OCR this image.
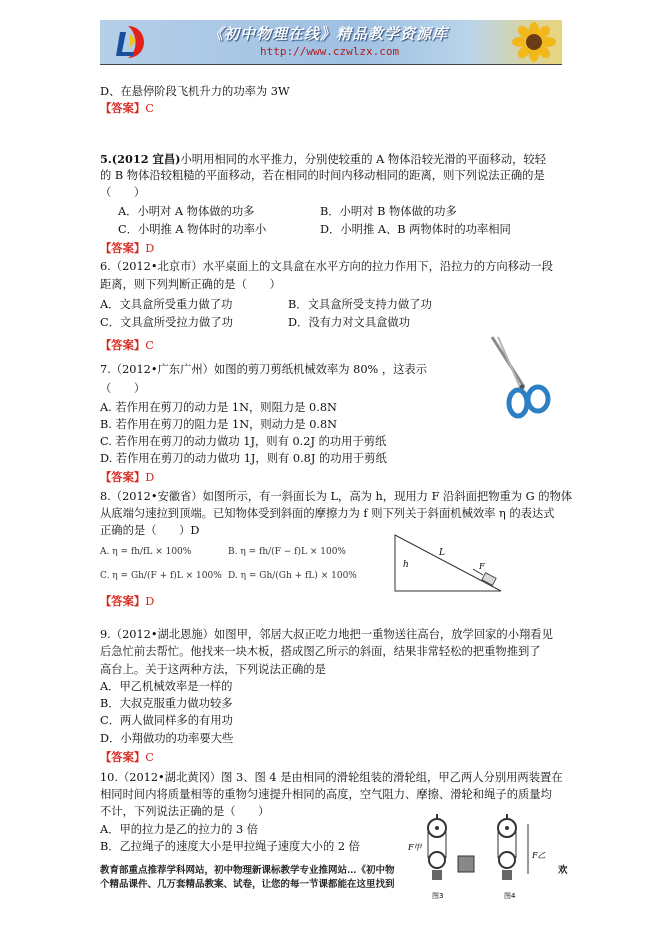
《初中物理在线》精品教学资源库
http://www.czwlzx.com
D、在悬停阶段飞机升力的功率为 3W
【答案】C
5.(2012 宜昌)小明用相同的水平推力，分别使较重的 A 物体沿较光滑的平面移动，较轻
的 B 物体沿较粗糙的平面移动，若在相同的时间内移动相同的距离，则下列说法正确的是
（　　）
A．小明对 A 物体做的功多	B．小明对 B 物体做的功多
C．小明推 A 物体时的功率小	D．小明推 A、B 两物体时的功率相同
【答案】D
6.（2012•北京市）水平桌面上的文具盒在水平方向的拉力作用下，沿拉力的方向移动一段
距离，则下列判断正确的是（　　）
A．文具盒所受重力做了功	B．文具盒所受支持力做了功
C．文具盒所受拉力做了功	D．没有力对文具盒做功
【答案】C
7.（2012•广东广州）如图的剪刀剪纸机械效率为 80% ，这表示
（　　）
A. 若作用在剪刀的动力是 1N，则阻力是 0.8N
B. 若作用在剪刀的阻力是 1N，则动力是 0.8N
C. 若作用在剪刀的动力做功 1J，则有 0.2J 的功用于剪纸
D. 若作用在剪刀的动力做功 1J，则有 0.8J 的功用于剪纸
【答案】D
8.（2012•安徽省）如图所示，有一斜面长为 L，高为 h，现用力 F 沿斜面把物重为 G 的物体
从底端匀速拉到顶端。已知物体受到斜面的摩擦力为 f 则下列关于斜面机械效率 η 的表达式
正确的是（　　）D
A. η = fh/fL × 100%	B. η = fh/(F − f)L × 100%
C. η = Gh/(F + f)L × 100% D. η = Gh/(Gh + fL) × 100%
h
L
F
【答案】D
9.（2012•湖北恩施）如图甲，邻居大叔正吃力地把一重物送往高台，放学回家的小翔看见
后急忙前去帮忙。他找来一块木板，搭成图乙所示的斜面，结果非常轻松的把重物推到了
高台上。关于这两种方法，下列说法正确的是
A．甲乙机械效率是一样的
B．大叔克服重力做功较多
C．两人做同样多的有用功
D．小翔做功的功率要大些
【答案】C
10.（2012•湖北黄冈）图 3、图 4 是由相同的滑轮组装的滑轮组，甲乙两人分别用两装置在
相同时间内将质量相等的重物匀速提升相同的高度，空气阻力、摩擦、滑轮和绳子的质量均
不计，下列说法正确的是（　　）
A．甲的拉力是乙的拉力的 3 倍
B．乙拉绳子的速度大小是甲拉绳子速度大小的 2 倍	F甲
图3
F乙
图4
教育部重点推荐学科网站，初中物理新课标教学专业推网站…《初中物	欢
个精品课件、几万套精品教案、试卷，让您的每一节课都能在这里找到
